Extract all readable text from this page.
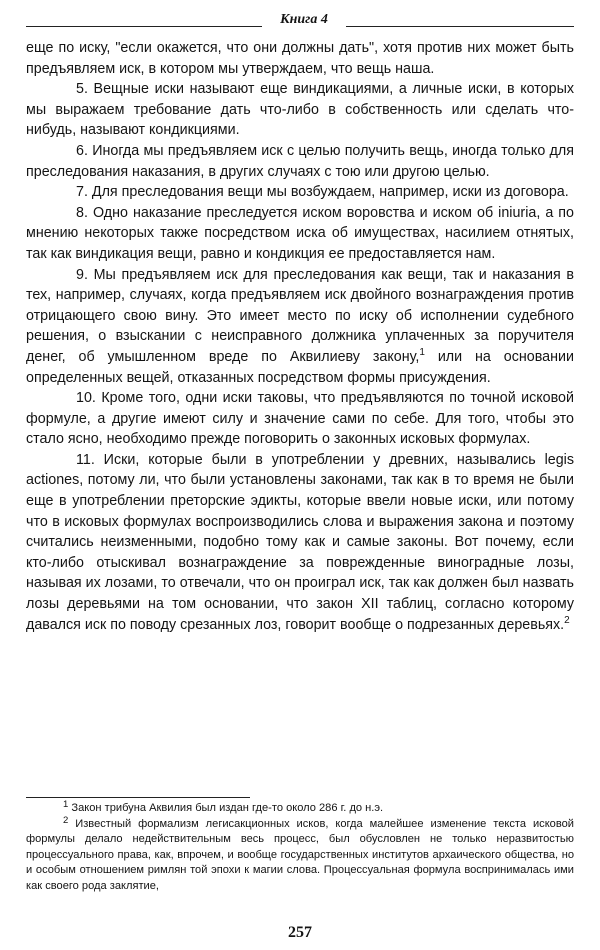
Книга 4

еще по иску, "если окажется, что они должны дать", хотя против них может быть предъявляем иск, в котором мы утверждаем, что вещь наша.

5. Вещные иски называют еще виндикациями, а личные иски, в которых мы выражаем требование дать что-либо в собственность или сделать что-нибудь, называют кондикциями.

6. Иногда мы предъявляем иск с целью получить вещь, иногда только для преследования наказания, в других случаях с тою или другою целью.

7. Для преследования вещи мы возбуждаем, например, иски из договора.

8. Одно наказание преследуется иском воровства и иском об iniuria, а по мнению некоторых также посредством иска об имуществах, насилием отнятых, так как виндикация вещи, равно и кондикция ее предоставляется нам.

9. Мы предъявляем иск для преследования как вещи, так и наказания в тех, например, случаях, когда предъявляем иск двойного вознаграждения против отрицающего свою вину. Это имеет место по иску об исполнении судебного решения, о взыскании с неисправного должника уплаченных за поручителя денег, об умышленном вреде по Аквилиеву закону,$^1$ или на основании определенных вещей, отказанных посредством формы присуждения.

10. Кроме того, одни иски таковы, что предъявляются по точной исковой формуле, а другие имеют силу и значение сами по себе. Для того, чтобы это стало ясно, необходимо прежде поговорить о законных исковых формулах.

11. Иски, которые были в употреблении у древних, назывались legis actiones, потому ли, что были установлены законами, так как в то время не были еще в употреблении преторские эдикты, которые ввели новые иски, или потому что в исковых формулах воспроизводились слова и выражения закона и поэтому считались неизменными, подобно тому как и самые законы. Вот почему, если кто-либо отыскивал вознаграждение за поврежденные виноградные лозы, называя их лозами, то отвечали, что он проиграл иск, так как должен был назвать лозы деревьями на том основании, что закон XII таблиц, согласно которому давался иск по поводу срезанных лоз, говорит вообще о подрезанных деревьях.$^2$

$^1$ Закон трибуна Аквилия был издан где-то около 286 г. до н.э.

$^2$ Известный формализм легисакционных исков, когда малейшее изменение текста исковой формулы делало недействительным весь процесс, был обусловлен не только неразвитостью процессуального права, как, впрочем, и вообще государственных институтов архаического общества, но и особым отношением римлян той эпохи к магии слова. Процессуальная формула воспринималась ими как своего рода заклятие,

257
